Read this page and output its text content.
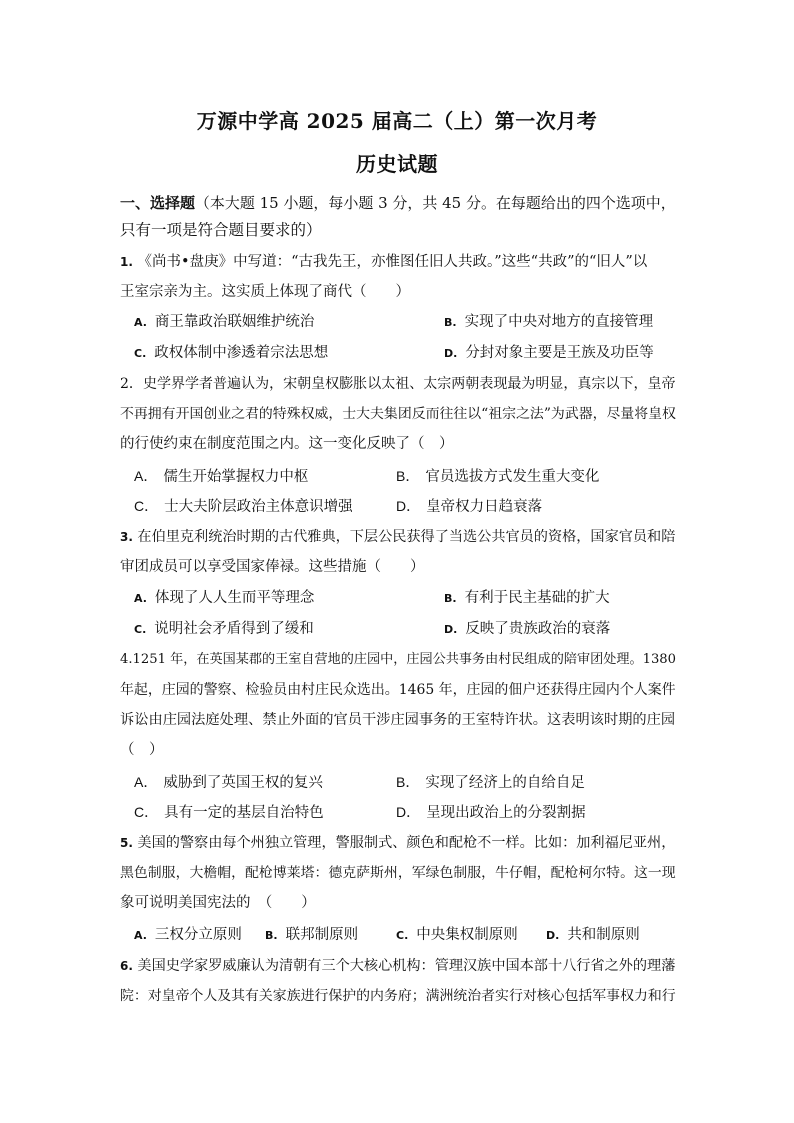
万源中学高 2025 届高二（上）第一次月考
历史试题
一、选择题（本大题 15 小题，每小题 3 分，共 45 分。在每题给出的四个选项中，
只有一项是符合题目要求的）
1. 《尚书•盘庚》中写道：“古我先王，亦惟图任旧人共政。”这些“共政”的“旧人”以
王室宗亲为主。这实质上体现了商代（　　）
A. 商王靠政治联姻维护统治	B. 实现了中央对地方的直接管理
C. 政权体制中渗透着宗法思想	D. 分封对象主要是王族及功臣等
2．史学界学者普遍认为，宋朝皇权膨胀以太祖、太宗两朝表现最为明显，真宗以下，皇帝
不再拥有开国创业之君的特殊权威，士大夫集团反而往往以“祖宗之法”为武器，尽量将皇权
的行使约束在制度范围之内。这一变化反映了（　）
A． 儒生开始掌握权力中枢	B． 官员选拔方式发生重大变化
C． 士大夫阶层政治主体意识增强	D． 皇帝权力日趋衰落
3. 在伯里克利统治时期的古代雅典，下层公民获得了当选公共官员的资格，国家官员和陪
审团成员可以享受国家俸禄。这些措施（　　）
A. 体现了人人生而平等理念	B. 有利于民主基础的扩大
C. 说明社会矛盾得到了缓和	D. 反映了贵族政治的衰落
4.1251 年，在英国某郡的王室自营地的庄园中，庄园公共事务由村民组成的陪审团处理。1380
年起，庄园的警察、检验员由村庄民众选出。1465 年，庄园的佃户还获得庄园内个人案件
诉讼由庄园法庭处理、禁止外面的官员干涉庄园事务的王室特许状。这表明该时期的庄园
（　）
A． 威胁到了英国王权的复兴	B． 实现了经济上的自给自足
C． 具有一定的基层自治特色	D． 呈现出政治上的分裂割据
5. 美国的警察由每个州独立管理，警服制式、颜色和配枪不一样。比如：加利福尼亚州，
黑色制服，大檐帽，配枪博莱塔：德克萨斯州，军绿色制服，牛仔帽，配枪柯尔特。这一现
象可说明美国宪法的　（　　）
A. 三权分立原则 B. 联邦制原则	C. 中央集权制原则	D. 共和制原则
6. 美国史学家罗威廉认为清朝有三个大核心机构：管理汉族中国本部十八行省之外的理藩
院：对皇帝个人及其有关家族进行保护的内务府；满洲统治者实行对核心包括军事权力和行
